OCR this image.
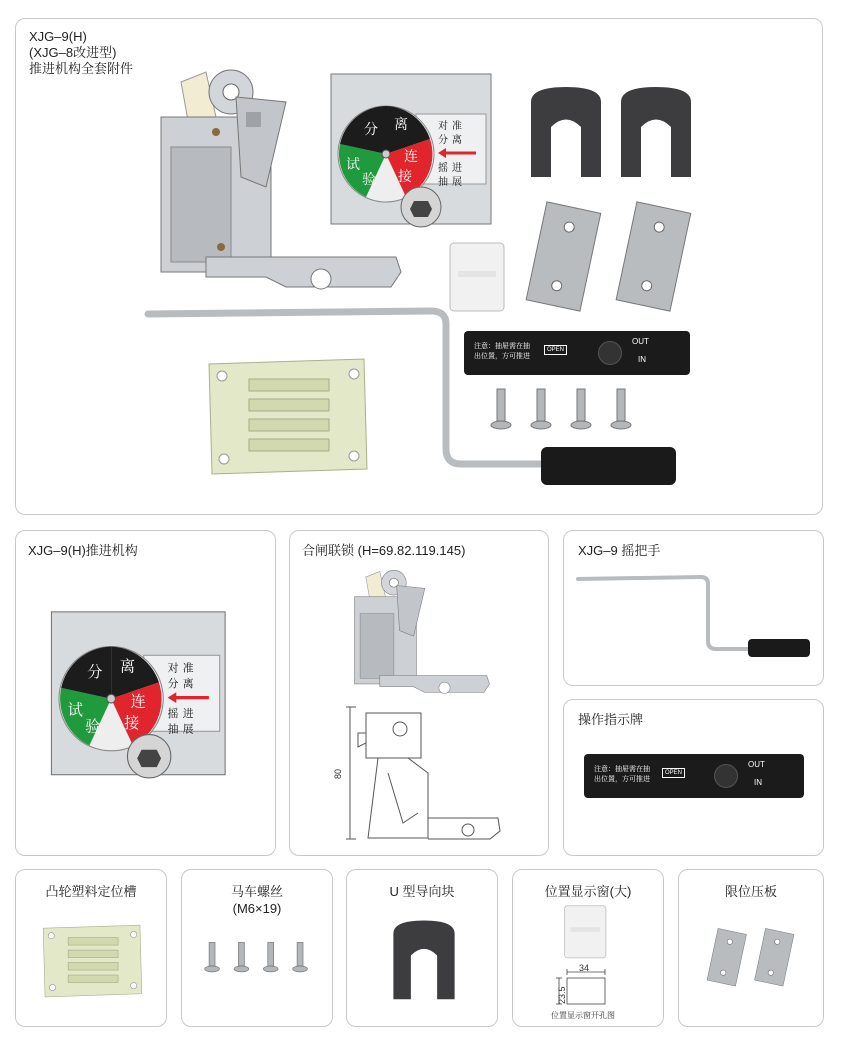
XJG–9(H)
(XJG–8改进型)
推进机构全套附件
分 离
连
接
试
验
对 准
分 离
摇 进
抽 展
注意：抽屉需在抽
出位置，方可推进
OPEN
OUT
IN
XJG–9(H)推进机构
分 离
连
接
试
验
对 准
分 离
摇 进
抽 展
合闸联锁 (H=69.82.119.145)
80
XJG–9 摇把手
操作指示牌
注意：抽屉需在抽
出位置，方可推进
OPEN
OUT
IN
凸轮塑料定位槽	马车螺丝
(M6×19)
U 型导向块	位置显示窗(大)
34
23.5
位置显示窗开孔图
限位压板
